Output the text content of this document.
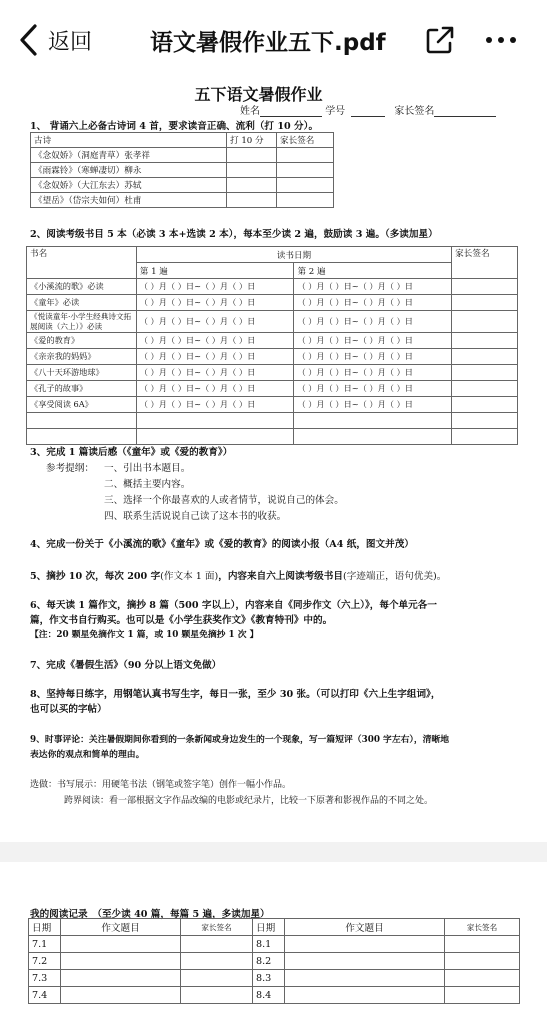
返回	语文暑假作业五下.pdf
五下语文暑假作业
姓名	学号	家长签名
1、 背诵六上必备古诗词 4 首，要求读音正确、流利（打 10 分）。
古诗	打 10 分	家长签名
《念奴娇》（洞庭青草）张孝祥		
《雨霖铃》（寒蝉凄切）柳永		
《念奴娇》（大江东去）苏轼		
《望岳》（岱宗夫如何）杜甫		
2、阅读考级书目 5 本（必读 3 本+选读 2 本），每本至少读 2 遍，鼓励读 3 遍。（多读加星）
书名	读书日期		家长签名
	第 1 遍	第 2 遍	
《小溪流的歌》必读	（ ）月（ ）日~（ ）月（ ）日	（ ）月（ ）日~（ ）月（ ）日	
《童年》必读	（ ）月（ ）日~（ ）月（ ）日	（ ）月（ ）日~（ ）月（ ）日	
《悦读童年·小学生经典诗文拓展阅读（六上）》必读	（ ）月（ ）日~（ ）月（ ）日	（ ）月（ ）日~（ ）月（ ）日	
《爱的教育》	（ ）月（ ）日~（ ）月（ ）日	（ ）月（ ）日~（ ）月（ ）日	
《亲亲我的妈妈》	（ ）月（ ）日~（ ）月（ ）日	（ ）月（ ）日~（ ）月（ ）日	
《八十天环游地球》	（ ）月（ ）日~（ ）月（ ）日	（ ）月（ ）日~（ ）月（ ）日	
《孔子的故事》	（ ）月（ ）日~（ ）月（ ）日	（ ）月（ ）日~（ ）月（ ）日	
《享受阅读 6A》	（ ）月（ ）日~（ ）月（ ）日	（ ）月（ ）日~（ ）月（ ）日	

3、完成 1 篇读后感（《童年》或《爱的教育》）
参考提纲： 一、引出书本题目。
二、概括主要内容。
三、选择一个你最喜欢的人或者情节，说说自己的体会。
四、联系生活说说自己读了这本书的收获。
4、完成一份关于《小溪流的歌》《童年》或《爱的教育》的阅读小报（A4 纸，图文并茂）
5、摘抄 10 次，每次 200 字(作文本 1 面)，内容来自六上阅读考级书目(字迹端正，语句优美)。
6、每天读 1 篇作文，摘抄 8 篇（500 字以上），内容来自《同步作文（六上）》，每个单元各一
篇，作文书自行购买。也可以是《小学生获奖作文》《教育特刊》中的。
【注：20 颗星免摘作文 1 篇，或 10 颗星免摘抄 1 次 】
7、完成《暑假生活》（90 分以上语文免做）
8、坚持每日练字，用钢笔认真书写生字，每日一张，至少 30 张。（可以打印《六上生字组词》，
也可以买的字帖）
9、时事评论：关注暑假期间你看到的一条新闻或身边发生的一个现象，写一篇短评（300 字左右），清晰地
表达你的观点和简单的理由。
选做：书写展示：用硬笔书法（钢笔或签字笔）创作一幅小作品。
跨界阅读：看一部根据文字作品改编的电影或纪录片，比较一下原著和影视作品的不同之处。
我的阅读记录　（至少读 40 篇，每篇 5 遍，多读加星）
日期	作文题目	家长签名	日期	作文题目	家长签名
7.1			8.1		
7.2			8.2		
7.3			8.3		
7.4			8.4		
